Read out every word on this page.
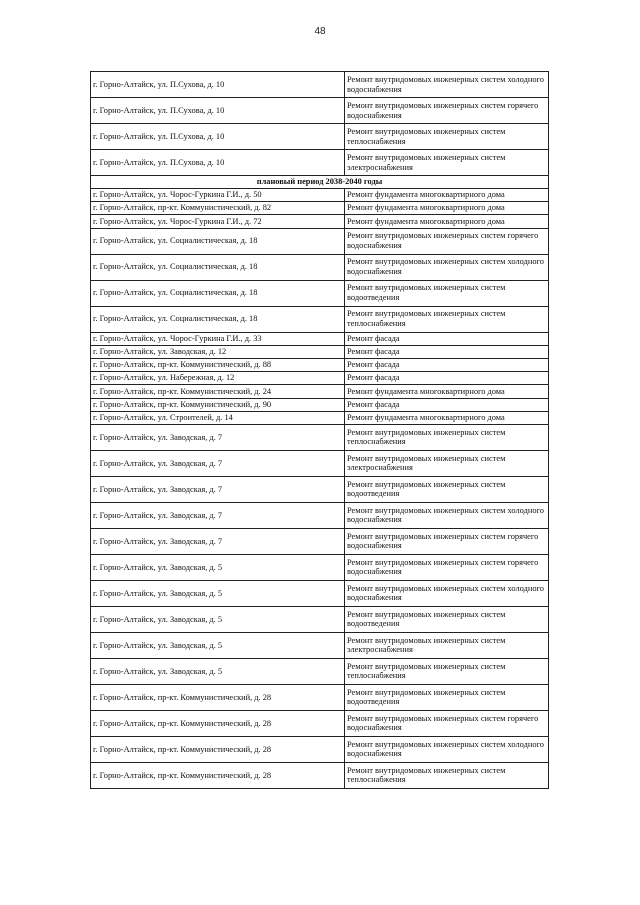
48
г. Горно-Алтайск, ул. П.Сухова, д. 10	Ремонт внутридомовых инженерных систем холодного водоснабжения
г. Горно-Алтайск, ул. П.Сухова, д. 10	Ремонт внутридомовых инженерных систем горячего водоснабжения
г. Горно-Алтайск, ул. П.Сухова, д. 10	Ремонт внутридомовых инженерных систем теплоснабжения
г. Горно-Алтайск, ул. П.Сухова, д. 10	Ремонт внутридомовых инженерных систем электроснабжения
плановый период 2038-2040 годы	
г. Горно-Алтайск, ул. Чорос-Гуркина Г.И., д. 50	Ремонт фундамента многоквартирного дома
г. Горно-Алтайск, пр-кт. Коммунистический, д. 82	Ремонт фундамента многоквартирного дома
г. Горно-Алтайск, ул. Чорос-Гуркина Г.И., д. 72	Ремонт фундамента многоквартирного дома
г. Горно-Алтайск, ул. Социалистическая, д. 18	Ремонт внутридомовых инженерных систем горячего водоснабжения
г. Горно-Алтайск, ул. Социалистическая, д. 18	Ремонт внутридомовых инженерных систем холодного водоснабжения
г. Горно-Алтайск, ул. Социалистическая, д. 18	Ремонт внутридомовых инженерных систем водоотведения
г. Горно-Алтайск, ул. Социалистическая, д. 18	Ремонт внутридомовых инженерных систем теплоснабжения
г. Горно-Алтайск, ул. Чорос-Гуркина Г.И., д. 33	Ремонт фасада
г. Горно-Алтайск, ул. Заводская, д. 12	Ремонт фасада
г. Горно-Алтайск, пр-кт. Коммунистический, д. 88	Ремонт фасада
г. Горно-Алтайск, ул. Набережная, д. 12	Ремонт фасада
г. Горно-Алтайск, пр-кт. Коммунистический, д. 24	Ремонт фундамента многоквартирного дома
г. Горно-Алтайск, пр-кт. Коммунистический, д. 90	Ремонт фасада
г. Горно-Алтайск, ул. Строителей, д. 14	Ремонт фундамента многоквартирного дома
г. Горно-Алтайск, ул. Заводская, д. 7	Ремонт внутридомовых инженерных систем теплоснабжения
г. Горно-Алтайск, ул. Заводская, д. 7	Ремонт внутридомовых инженерных систем электроснабжения
г. Горно-Алтайск, ул. Заводская, д. 7	Ремонт внутридомовых инженерных систем водоотведения
г. Горно-Алтайск, ул. Заводская, д. 7	Ремонт внутридомовых инженерных систем холодного водоснабжения
г. Горно-Алтайск, ул. Заводская, д. 7	Ремонт внутридомовых инженерных систем горячего водоснабжения
г. Горно-Алтайск, ул. Заводская, д. 5	Ремонт внутридомовых инженерных систем горячего водоснабжения
г. Горно-Алтайск, ул. Заводская, д. 5	Ремонт внутридомовых инженерных систем холодного водоснабжения
г. Горно-Алтайск, ул. Заводская, д. 5	Ремонт внутридомовых инженерных систем водоотведения
г. Горно-Алтайск, ул. Заводская, д. 5	Ремонт внутридомовых инженерных систем электроснабжения
г. Горно-Алтайск, ул. Заводская, д. 5	Ремонт внутридомовых инженерных систем теплоснабжения
г. Горно-Алтайск, пр-кт. Коммунистический, д. 28	Ремонт внутридомовых инженерных систем водоотведения
г. Горно-Алтайск, пр-кт. Коммунистический, д. 28	Ремонт внутридомовых инженерных систем горячего водоснабжения
г. Горно-Алтайск, пр-кт. Коммунистический, д. 28	Ремонт внутридомовых инженерных систем холодного водоснабжения
г. Горно-Алтайск, пр-кт. Коммунистический, д. 28	Ремонт внутридомовых инженерных систем теплоснабжения
